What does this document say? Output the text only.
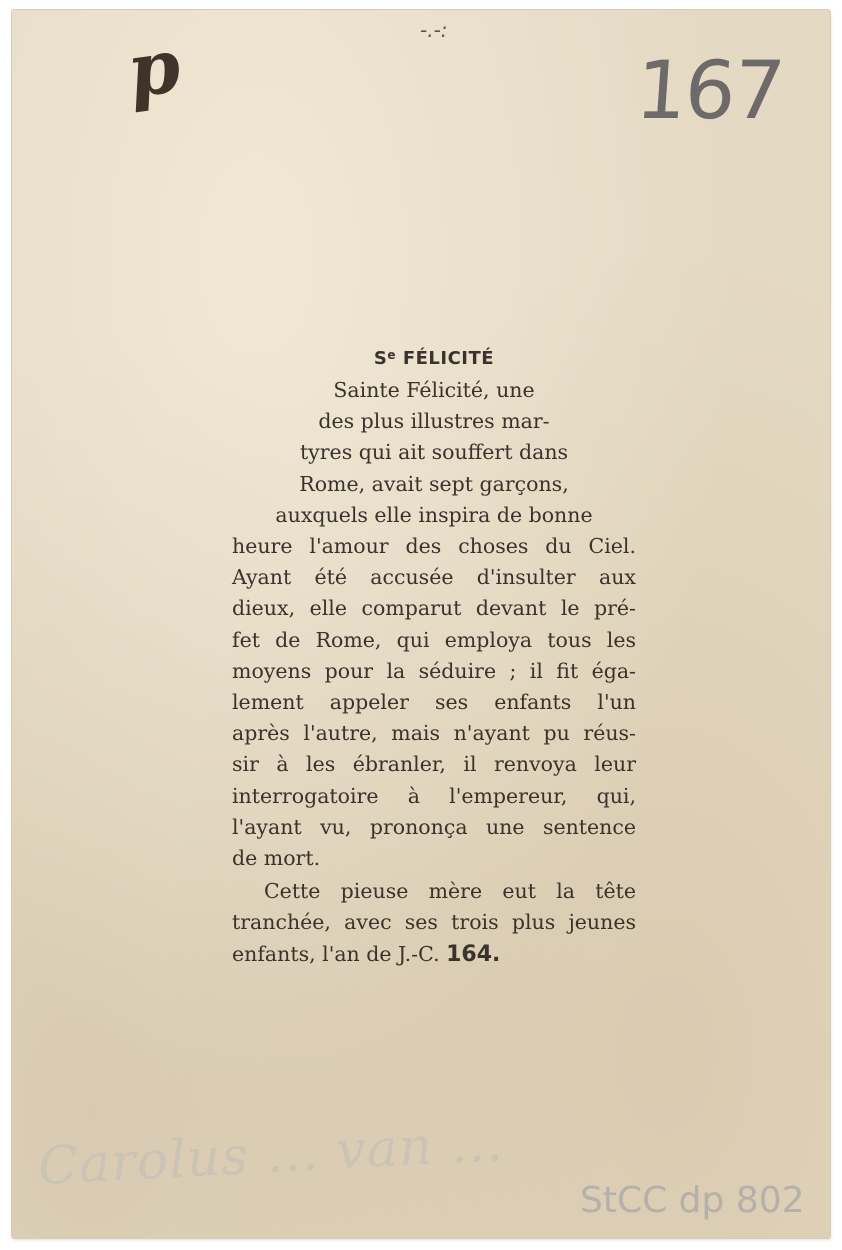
-.-:
p	167
$S^e$ FÉLICITÉ
Sainte Félicité, une
des plus illustres mar-
tyres qui ait souffert dans
Rome, avait sept garçons,
auxquels elle inspira de bonne
heure l'amour des choses du Ciel.
Ayant été accusée d'insulter aux
dieux, elle comparut devant le pré-
fet de Rome, qui employa tous les
moyens pour la séduire ; il fit éga-
lement appeler ses enfants l'un
après l'autre, mais n'ayant pu réus-
sir à les ébranler, il renvoya leur
interrogatoire à l'empereur, qui,
l'ayant vu, prononça une sentence
de mort.
Cette pieuse mère eut la tête
tranchée, avec ses trois plus jeunes
enfants, l'an de J.-C. 164.
Carolus ... van ...
StCC dp 802
